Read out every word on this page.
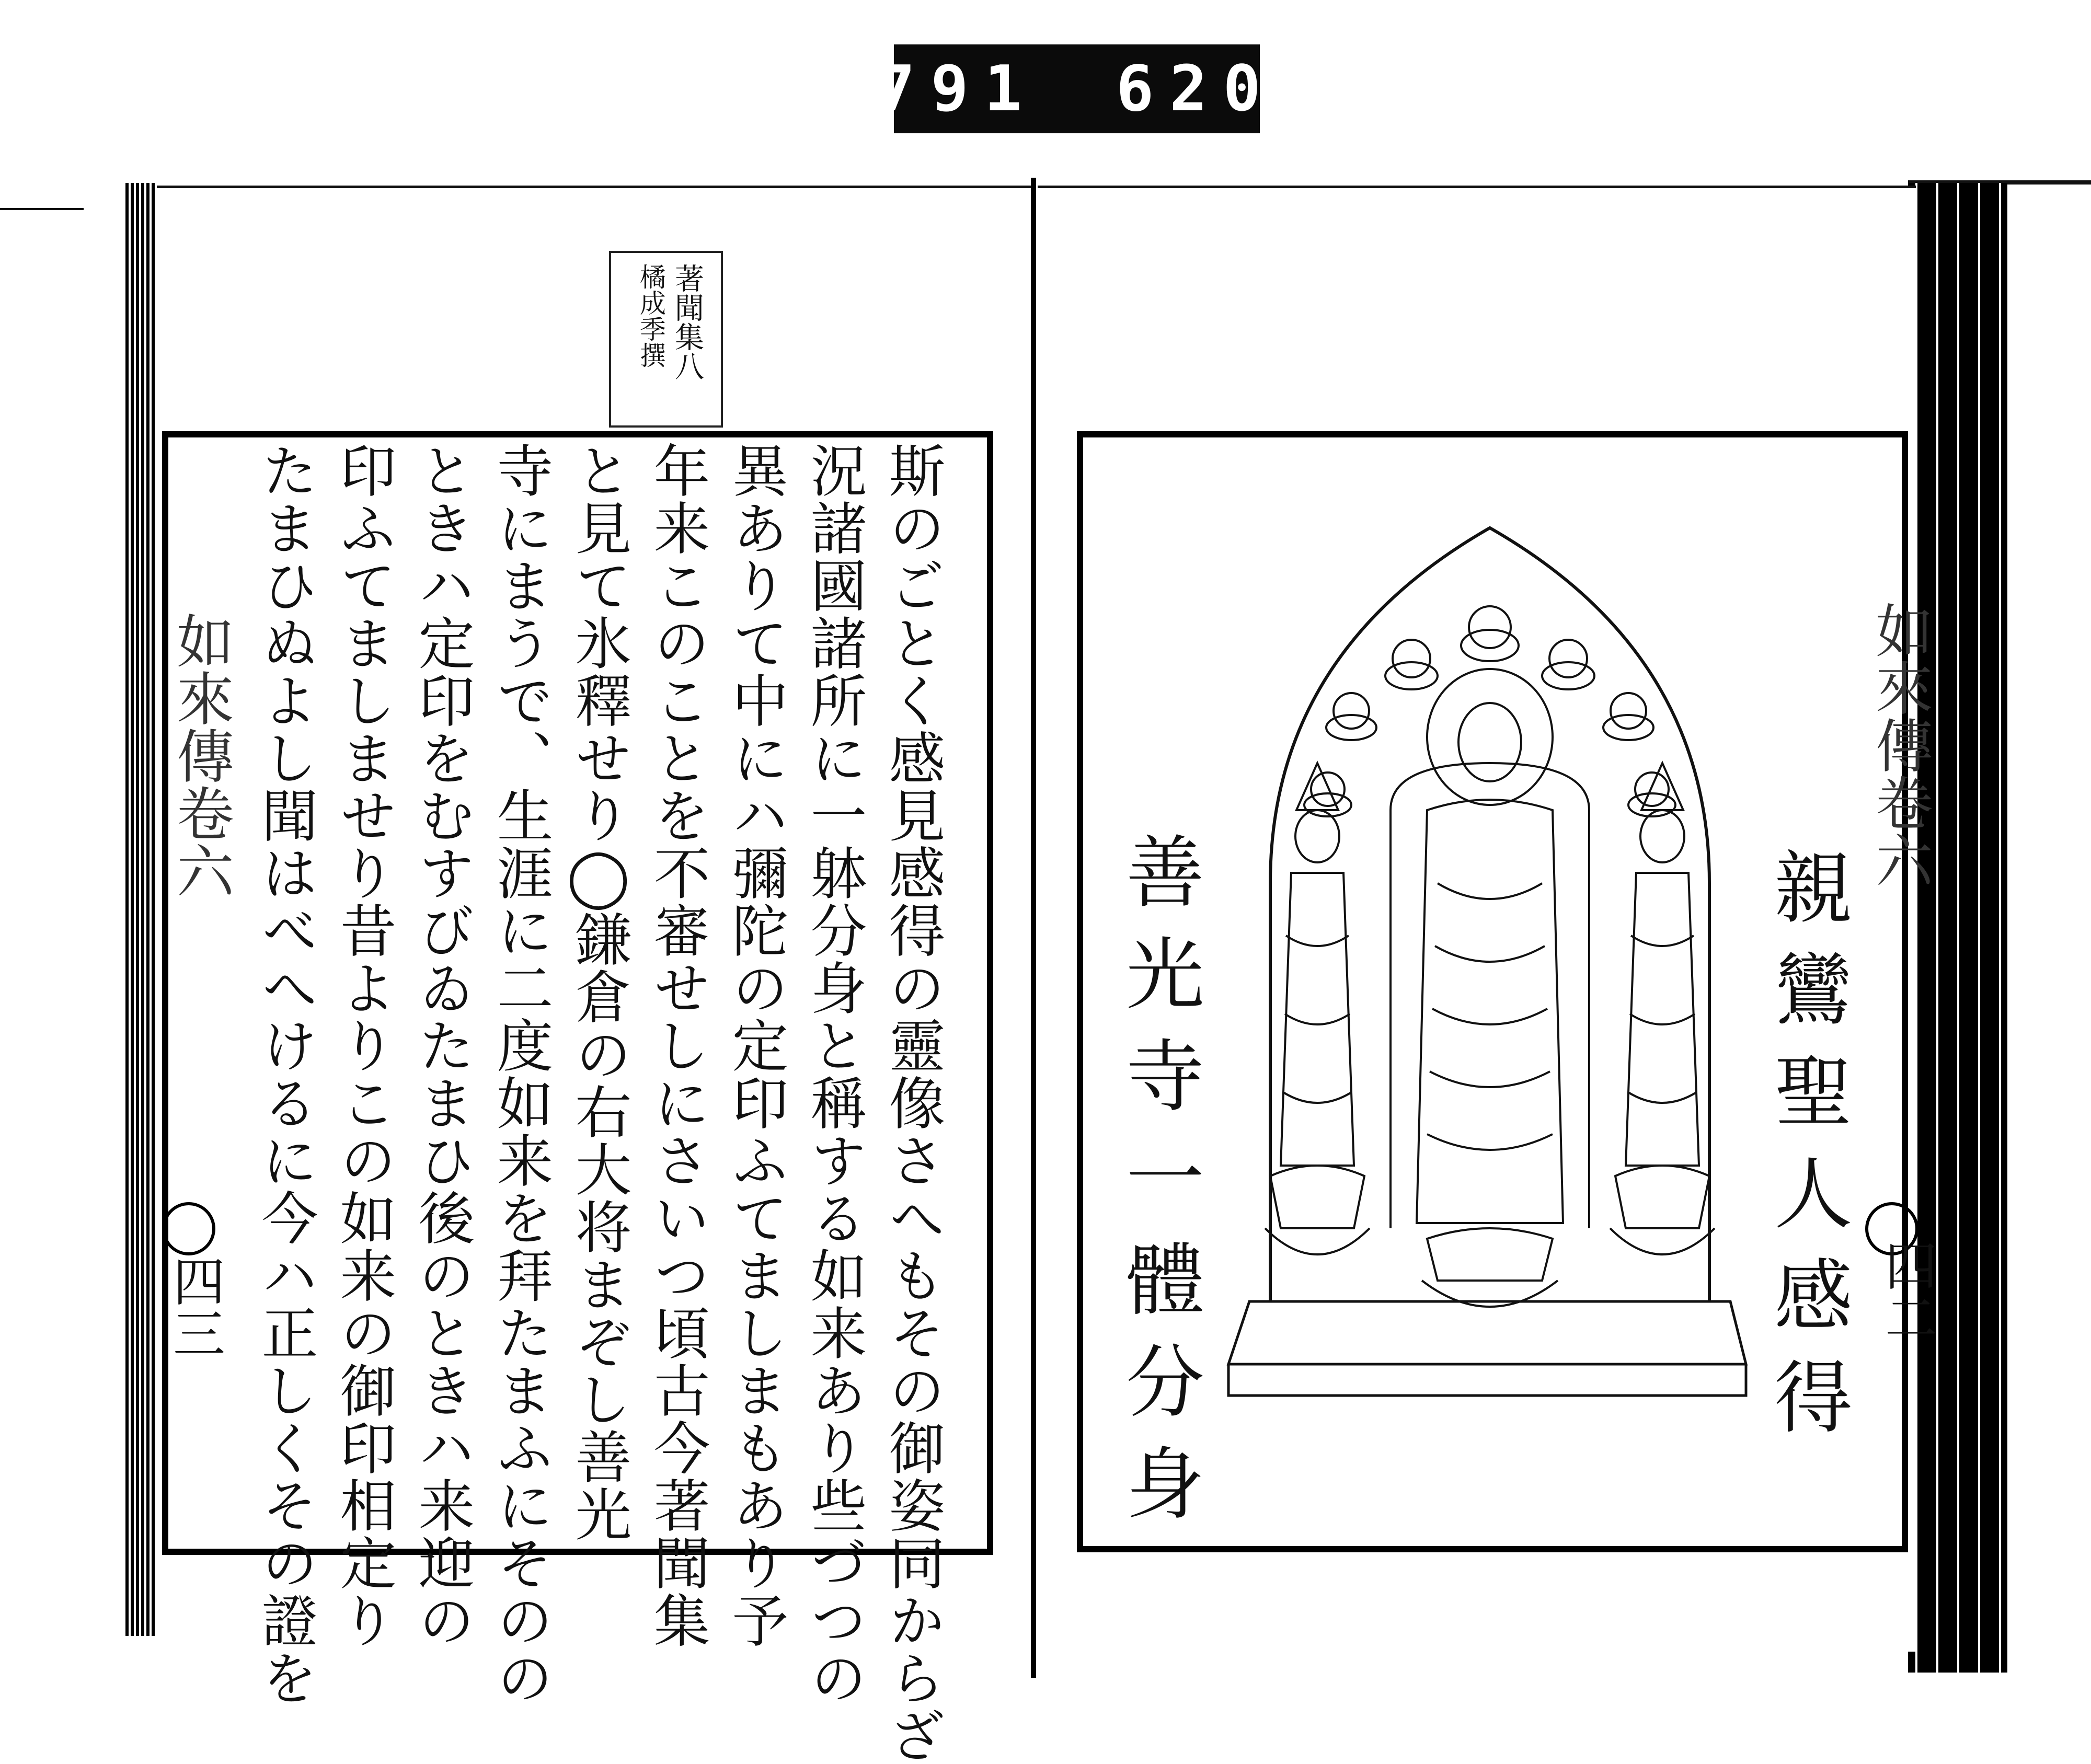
791 620
著聞集八
橘成季撰
斯のごとく感見感得の靈像さへもその御姿同からざ
況諸國諸所に一躰分身と稱する如来あり些づつの
異ありて中にハ彌陀の定印ふてましまもあり予
年来このことを不審せしにさいつ頃古今著聞集
と見て氷釋せり◯鎌倉の右大将まぞし善光
寺にまうで、生涯に二度如来を拜たまふにそのの
ときハ定印をむすびゐたまひ後のときハ来迎の
印ふてましませり昔よりこの如来の御印相定り
たまひぬよし聞はべへけるに今ハ正しくその證を
如來傳卷六
四三	親鸞聖人感得
善光寺一體分身
如來傳卷六
四二
